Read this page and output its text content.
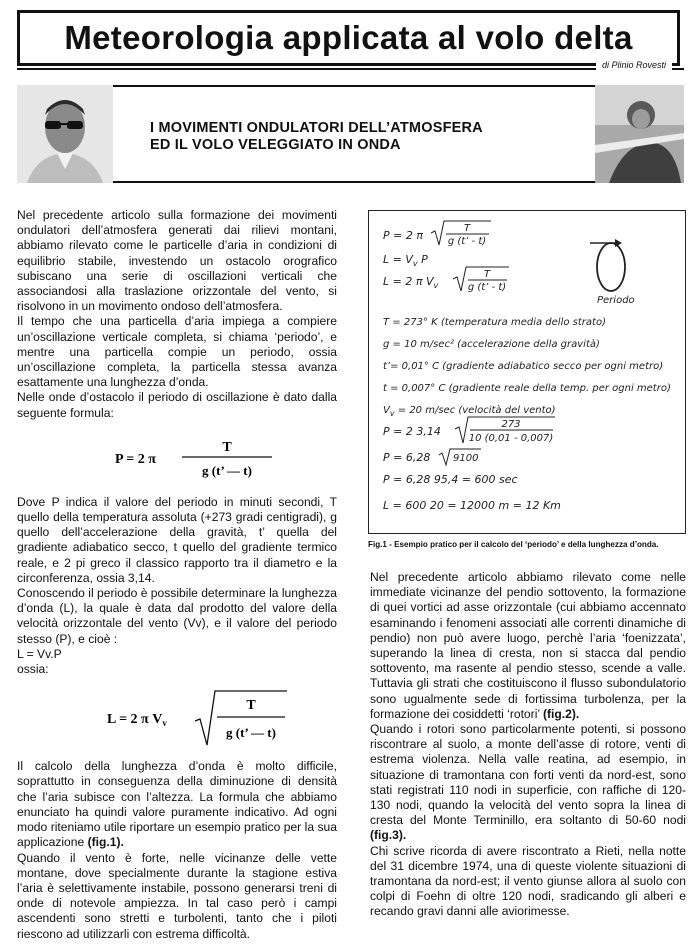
Meteorologia applicata al volo delta
di Plinio Rovesti
I MOVIMENTI ONDULATORI DELL’ATMOSFERA
ED IL VOLO VELEGGIATO IN ONDA

Nel precedente articolo sulla formazione dei movimenti ondulatori dell’atmosfera generati dai rilievi montani, abbiamo rilevato come le particelle d’aria in condizioni di equilibrio stabile, investendo un ostacolo orografico subiscano una serie di oscillazioni verticali che associandosi alla traslazione orizzontale del vento, si risolvono in un movimento ondoso dell’atmosfera.

Il tempo che una particella d’aria impiega a compiere un’oscillazione verticale completa, si chiama ‘periodo’, e mentre una particella compie un periodo, ossia un’oscillazione completa, la particella stessa avanza esattamente una lunghezza d’onda.

Nelle onde d’ostacolo il periodo di oscillazione è dato dalla seguente formula:

P = 2 π
T
g (t’ — t)

Dove P indica il valore del periodo in minuti secondi, T quello della temperatura assoluta (+273 gradi centigradi), g quello dell’accelerazione della gravità, t’ quella del gradiente adiabatico secco, t quello del gradiente termico reale, e 2 pi greco il classico rapporto tra il diametro e la circonferenza, ossia 3,14.

Conoscendo il periodo è possibile determinare la lunghezza d’onda (L), la quale è data dal prodotto del valore della velocità orizzontale del vento (Vv), e il valore del periodo stesso (P), e cioè :

L = Vv.P

ossia:

L = 2 π $V_v$
T
g (t’ — t)

Il calcolo della lunghezza d’onda è molto difficile, soprattutto in conseguenza della diminuzione di densità che l’aria subisce con l’altezza. La formula che abbiamo enunciato ha quindi valore puramente indicativo. Ad ogni modo riteniamo utile riportare un esempio pratico per la sua applicazione (fig.1).

Quando il vento è forte, nelle vicinanze delle vette montane, dove specialmente durante la stagione estiva l’aria è selettivamente instabile, possono generarsi treni di onde di notevole ampiezza. In tal caso però i campi ascendenti sono stretti e turbolenti, tanto che i piloti riescono ad utilizzarli con estrema difficoltà.

P = 2 π
T
g (t’ - t)
$L = V_v$ P
L = 2 π $V_v$
T
g (t’ - t)
Periodo
T = 273° K (temperatura media dello strato)
g = 10 m/sec² (accelerazione della gravità)
t’= 0,01° C (gradiente adiabatico secco per ogni metro)
t = 0,007° C (gradiente reale della temp. per ogni metro)
$V_v = 20$ m/sec (velocità del vento)
P = 2 3,14
273
10 (0,01 - 0,007)
P = 6,28 9100
P = 6,28 95,4 = 600 sec
L = 600 20 = 12000 m = 12 Km
Fig.1 - Esempio pratico per il calcolo del ‘periodo’ e della lunghezza d’onda.

Nel precedente articolo abbiamo rilevato come nelle immediate vicinanze del pendio sottovento, la formazione di quei vortici ad asse orizzontale (cui abbiamo accennato esaminando i fenomeni associati alle correnti dinamiche di pendio) non può avere luogo, perchè l’aria ‘foenizzata’, superando la linea di cresta, non si stacca dal pendio sottovento, ma rasente al pendio stesso, scende a valle. Tuttavia gli strati che costituiscono il flusso subondulatorio sono ugualmente sede di fortissima turbolenza, per la formazione dei cosiddetti ‘rotori’ (fig.2).

Quando i rotori sono particolarmente potenti, si possono riscontrare al suolo, a monte dell’asse di rotore, venti di estrema violenza. Nella valle reatina, ad esempio, in situazione di tramontana con forti venti da nord-est, sono stati registrati 110 nodi in superficie, con raffiche di 120-130 nodi, quando la velocità del vento sopra la linea di cresta del Monte Terminillo, era soltanto di 50-60 nodi (fig.3).

Chi scrive ricorda di avere riscontrato a Rieti, nella notte del 31 dicembre 1974, una di queste violente situazioni di tramontana da nord-est; il vento giunse allora al suolo con colpi di Foehn di oltre 120 nodi, sradicando gli alberi e recando gravi danni alle aviorimesse.
